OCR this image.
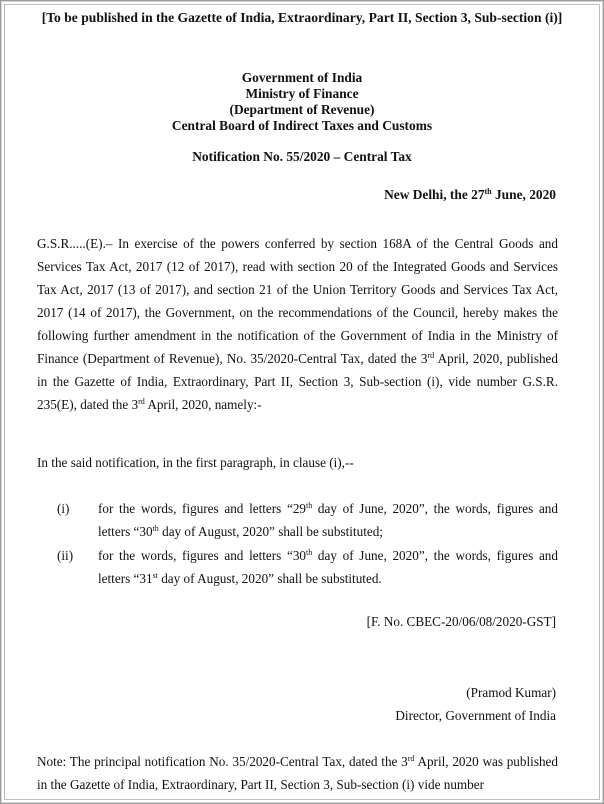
[To be published in the Gazette of India, Extraordinary, Part II, Section 3, Sub-section (i)]
Government of India
Ministry of Finance
(Department of Revenue)
Central Board of Indirect Taxes and Customs
Notification No. 55/2020 – Central Tax
New Delhi, the 27th June, 2020

G.S.R.....(E).– In exercise of the powers conferred by section 168A of the Central Goods and Services Tax Act, 2017 (12 of 2017), read with section 20 of the Integrated Goods and Services Tax Act, 2017 (13 of 2017), and section 21 of the Union Territory Goods and Services Tax Act, 2017 (14 of 2017), the Government, on the recommendations of the Council, hereby makes the following further amendment in the notification of the Government of India in the Ministry of Finance (Department of Revenue), No. 35/2020-Central Tax, dated the 3rd April, 2020, published in the Gazette of India, Extraordinary, Part II, Section 3, Sub-section (i), vide number G.S.R. 235(E), dated the 3rd April, 2020, namely:-

In the said notification, in the first paragraph, in clause (i),--

(i) for the words, figures and letters “29th day of June, 2020”, the words, figures and letters “30th day of August, 2020” shall be substituted;
(ii) for the words, figures and letters “30th day of June, 2020”, the words, figures and letters “31st day of August, 2020” shall be substituted.
[F. No. CBEC-20/06/08/2020-GST]
(Pramod Kumar)
Director, Government of India

Note: The principal notification No. 35/2020-Central Tax, dated the 3rd April, 2020 was published in the Gazette of India, Extraordinary, Part II, Section 3, Sub-section (i) vide number
